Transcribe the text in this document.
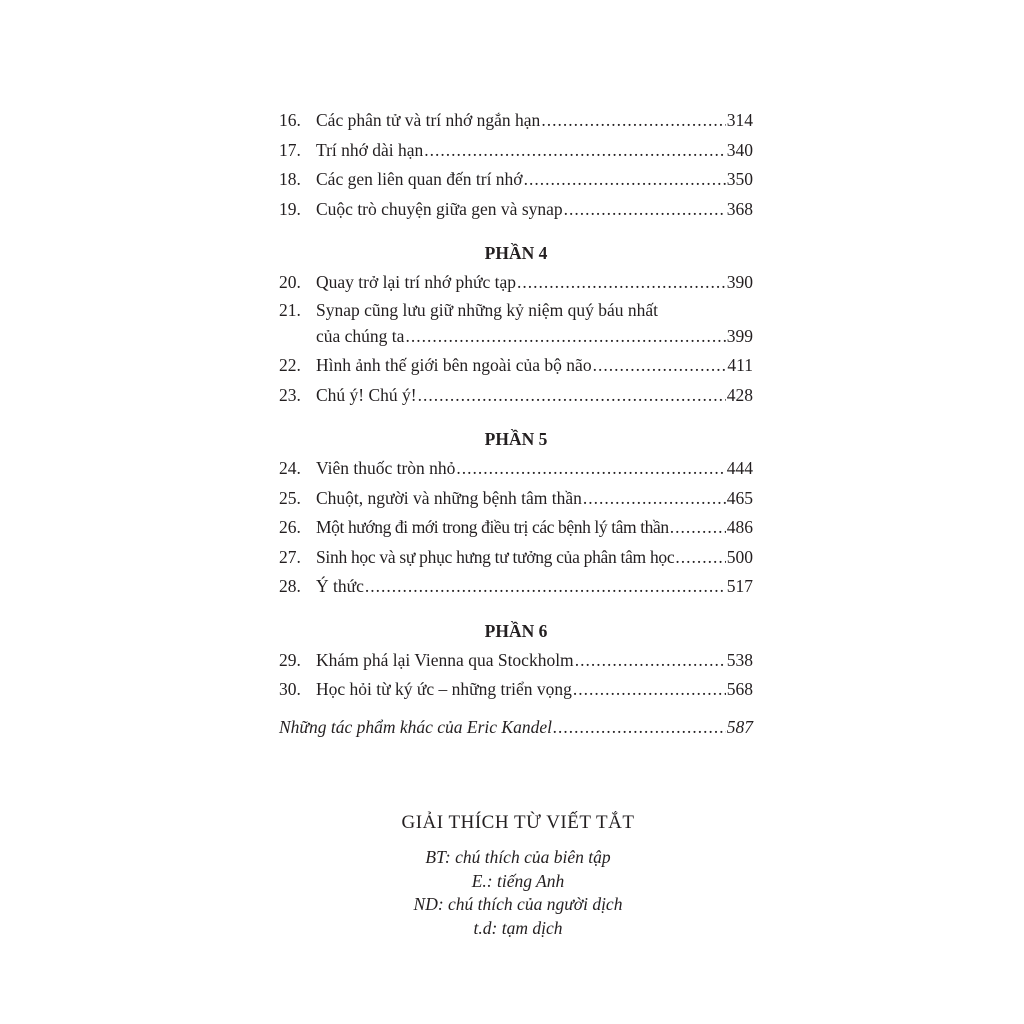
16. Các phân tử và trí nhớ ngắn hạn .....	314
17. Trí nhớ dài hạn .....	340
18. Các gen liên quan đến trí nhớ .....	350
19. Cuộc trò chuyện giữa gen và synap .....	368
PHẦN 4
20. Quay trở lại trí nhớ phức tạp .....	390
21. Synap cũng lưu giữ những kỷ niệm quý báu nhất
của chúng ta .....	399
22. Hình ảnh thế giới bên ngoài của bộ não .....	411
23. Chú ý! Chú ý! .....	428
PHẦN 5
24. Viên thuốc tròn nhỏ .....	444
25. Chuột, người và những bệnh tâm thần .....	465
26. Một hướng đi mới trong điều trị các bệnh lý tâm thần .....	486
27. Sinh học và sự phục hưng tư tưởng của phân tâm học .....	500
28. Ý thức .....	517
PHẦN 6
29. Khám phá lại Vienna qua Stockholm .....	538
30. Học hỏi từ ký ức – những triển vọng .....	568
Những tác phẩm khác của Eric Kandel .....	587
GIẢI THÍCH TỪ VIẾT TẮT
BT: chú thích của biên tập
E.: tiếng Anh
ND: chú thích của người dịch
t.d: tạm dịch
